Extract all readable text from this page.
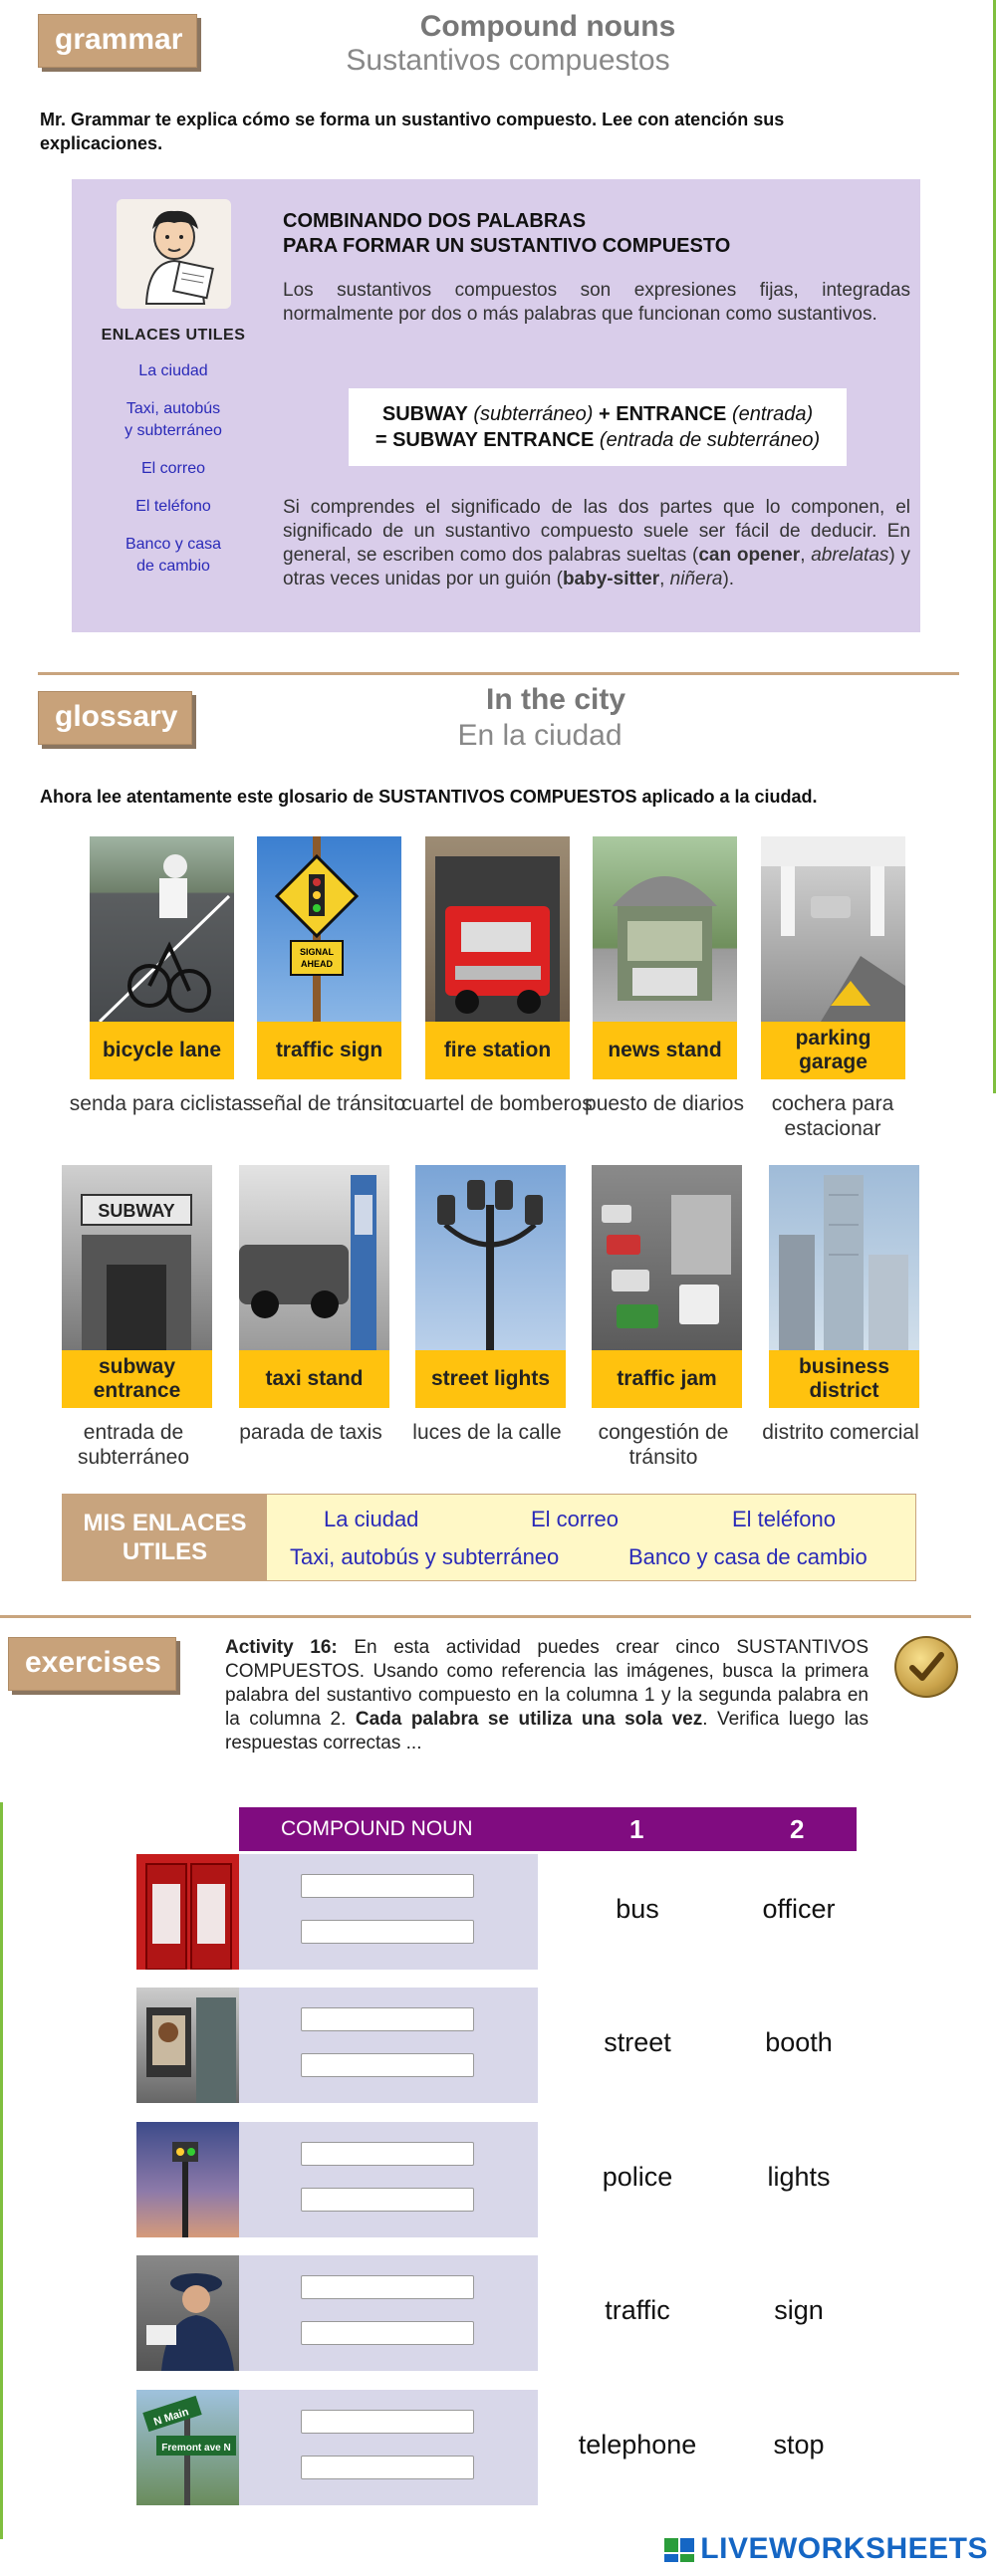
grammar	Compound nouns
Sustantivos compuestos
Mr. Grammar te explica cómo se forma un sustantivo compuesto. Lee con atención sus explicaciones.
ENLACES UTILES
La ciudad
Taxi, autobús
y subterráneo
El correo
El teléfono
Banco y casa
de cambio
COMBINANDO DOS PALABRAS
PARA FORMAR UN SUSTANTIVO COMPUESTO
Los sustantivos compuestos son expresiones fijas, integradas normalmente por dos o más palabras que funcionan como sustantivos.
SUBWAY (subterráneo) + ENTRANCE (entrada)
= SUBWAY ENTRANCE (entrada de subterráneo)
Si comprendes el significado de las dos partes que lo componen, el significado de un sustantivo compuesto suele ser fácil de deducir. En general, se escriben como dos palabras sueltas (can opener, abrelatas) y otras veces unidas por un guión (baby-sitter, niñera).
glossary
In the city
En la ciudad
Ahora lee atentamente este glosario de SUSTANTIVOS COMPUESTOS aplicado a la ciudad.
bicycle lane
senda para ciclistas
SIGNAL
AHEAD
traffic sign
señal de tránsito
fire station
cuartel de bomberos
news stand
puesto de diarios
parking garage
cochera para estacionar
SUBWAY
subway entrance
entrada de subterráneo
taxi stand
parada de taxis
street lights
luces de la calle
traffic jam
congestión de tránsito
business district
distrito comercial
MIS ENLACES UTILES
La ciudad	El correo	El teléfono
Taxi, autobús y subterráneo	Banco y casa de cambio
exercises	Activity 16: En esta actividad puedes crear cinco SUSTANTIVOS COMPUESTOS. Usando como referencia las imágenes, busca la primera palabra del sustantivo compuesto en la columna 1 y la segunda palabra en la columna 2. Cada palabra se utiliza una sola vez. Verifica luego las respuestas correctas ...
COMPOUND NOUN	1	2
bus	officer
street	booth
police	lights
traffic	sign
N Main
Fremont ave N	telephone	stop
LIVEWORKSHEETS
